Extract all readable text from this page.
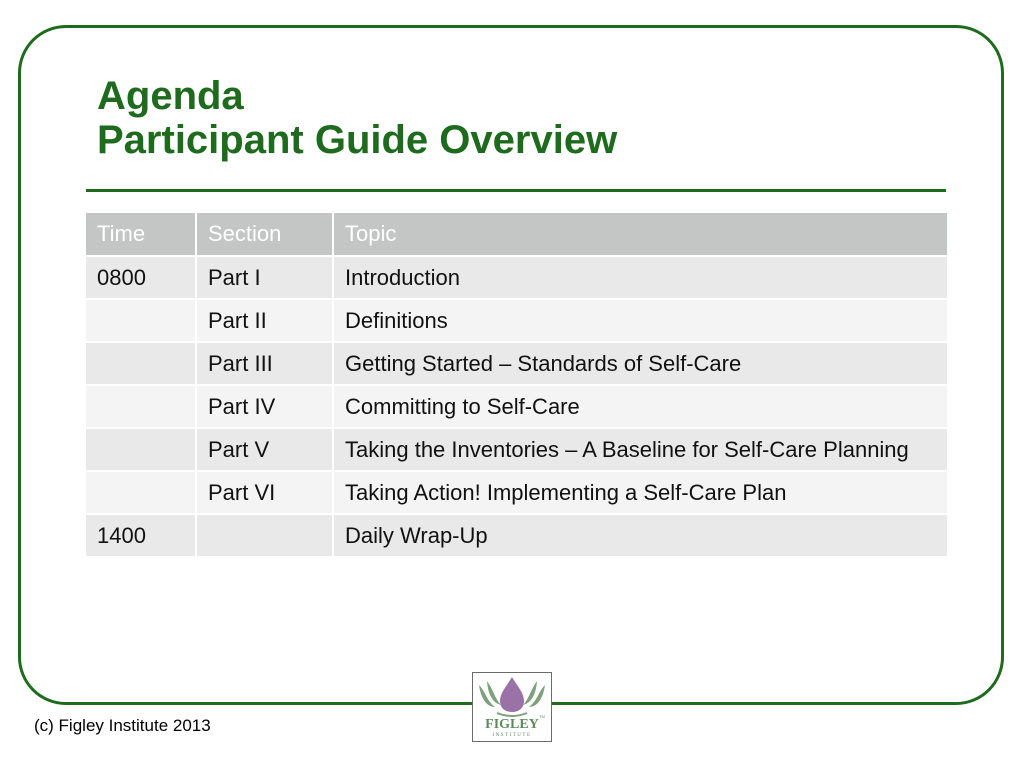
Agenda
Participant Guide Overview
Time	Section	Topic
0800	Part I	Introduction
	Part II	Definitions
	Part III	Getting Started – Standards of Self-Care
	Part IV	Committing to Self-Care
	Part V	Taking the Inventories – A Baseline for Self-Care Planning
	Part VI	Taking Action! Implementing a Self-Care Plan
1400		Daily Wrap-Up
(c) Figley Institute 2013	FIGLEY
INSTITUTE
TM
